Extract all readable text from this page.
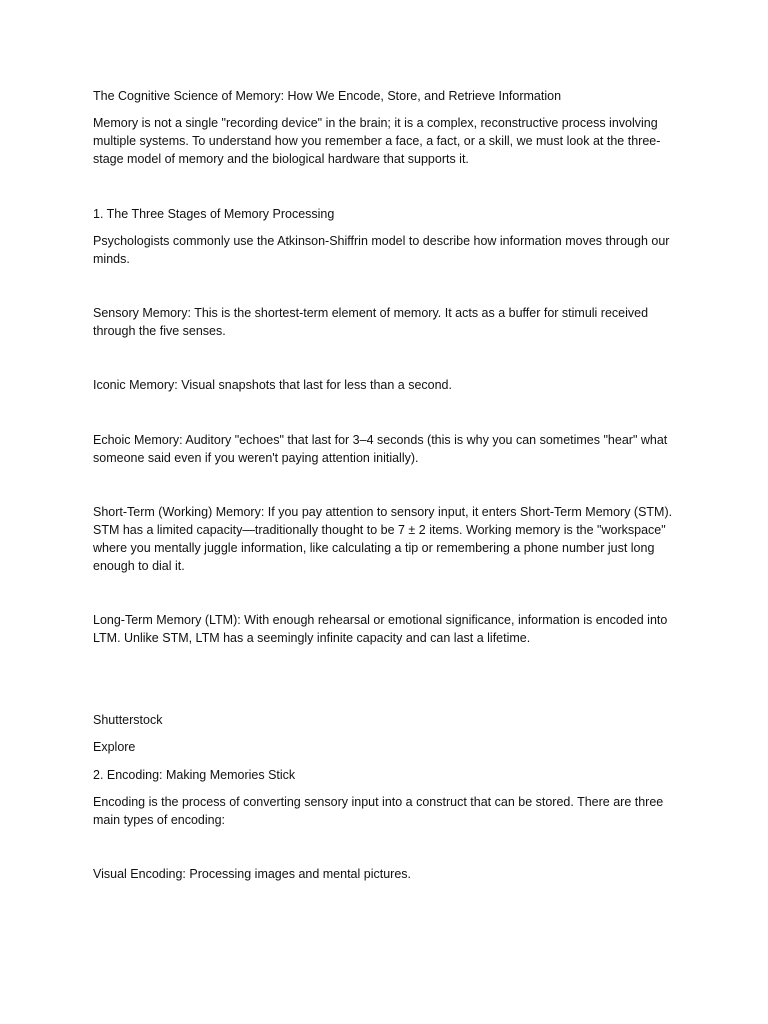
The Cognitive Science of Memory: How We Encode, Store, and Retrieve Information
Memory is not a single "recording device" in the brain; it is a complex, reconstructive process involving multiple systems. To understand how you remember a face, a fact, or a skill, we must look at the three-stage model of memory and the biological hardware that supports it.
1. The Three Stages of Memory Processing
Psychologists commonly use the Atkinson-Shiffrin model to describe how information moves through our minds.
Sensory Memory: This is the shortest-term element of memory. It acts as a buffer for stimuli received through the five senses.
Iconic Memory: Visual snapshots that last for less than a second.
Echoic Memory: Auditory "echoes" that last for 3–4 seconds (this is why you can sometimes "hear" what someone said even if you weren't paying attention initially).
Short-Term (Working) Memory: If you pay attention to sensory input, it enters Short-Term Memory (STM). STM has a limited capacity—traditionally thought to be 7 ± 2 items. Working memory is the "workspace" where you mentally juggle information, like calculating a tip or remembering a phone number just long enough to dial it.
Long-Term Memory (LTM): With enough rehearsal or emotional significance, information is encoded into LTM. Unlike STM, LTM has a seemingly infinite capacity and can last a lifetime.
Shutterstock
Explore
2. Encoding: Making Memories Stick
Encoding is the process of converting sensory input into a construct that can be stored. There are three main types of encoding:
Visual Encoding: Processing images and mental pictures.
